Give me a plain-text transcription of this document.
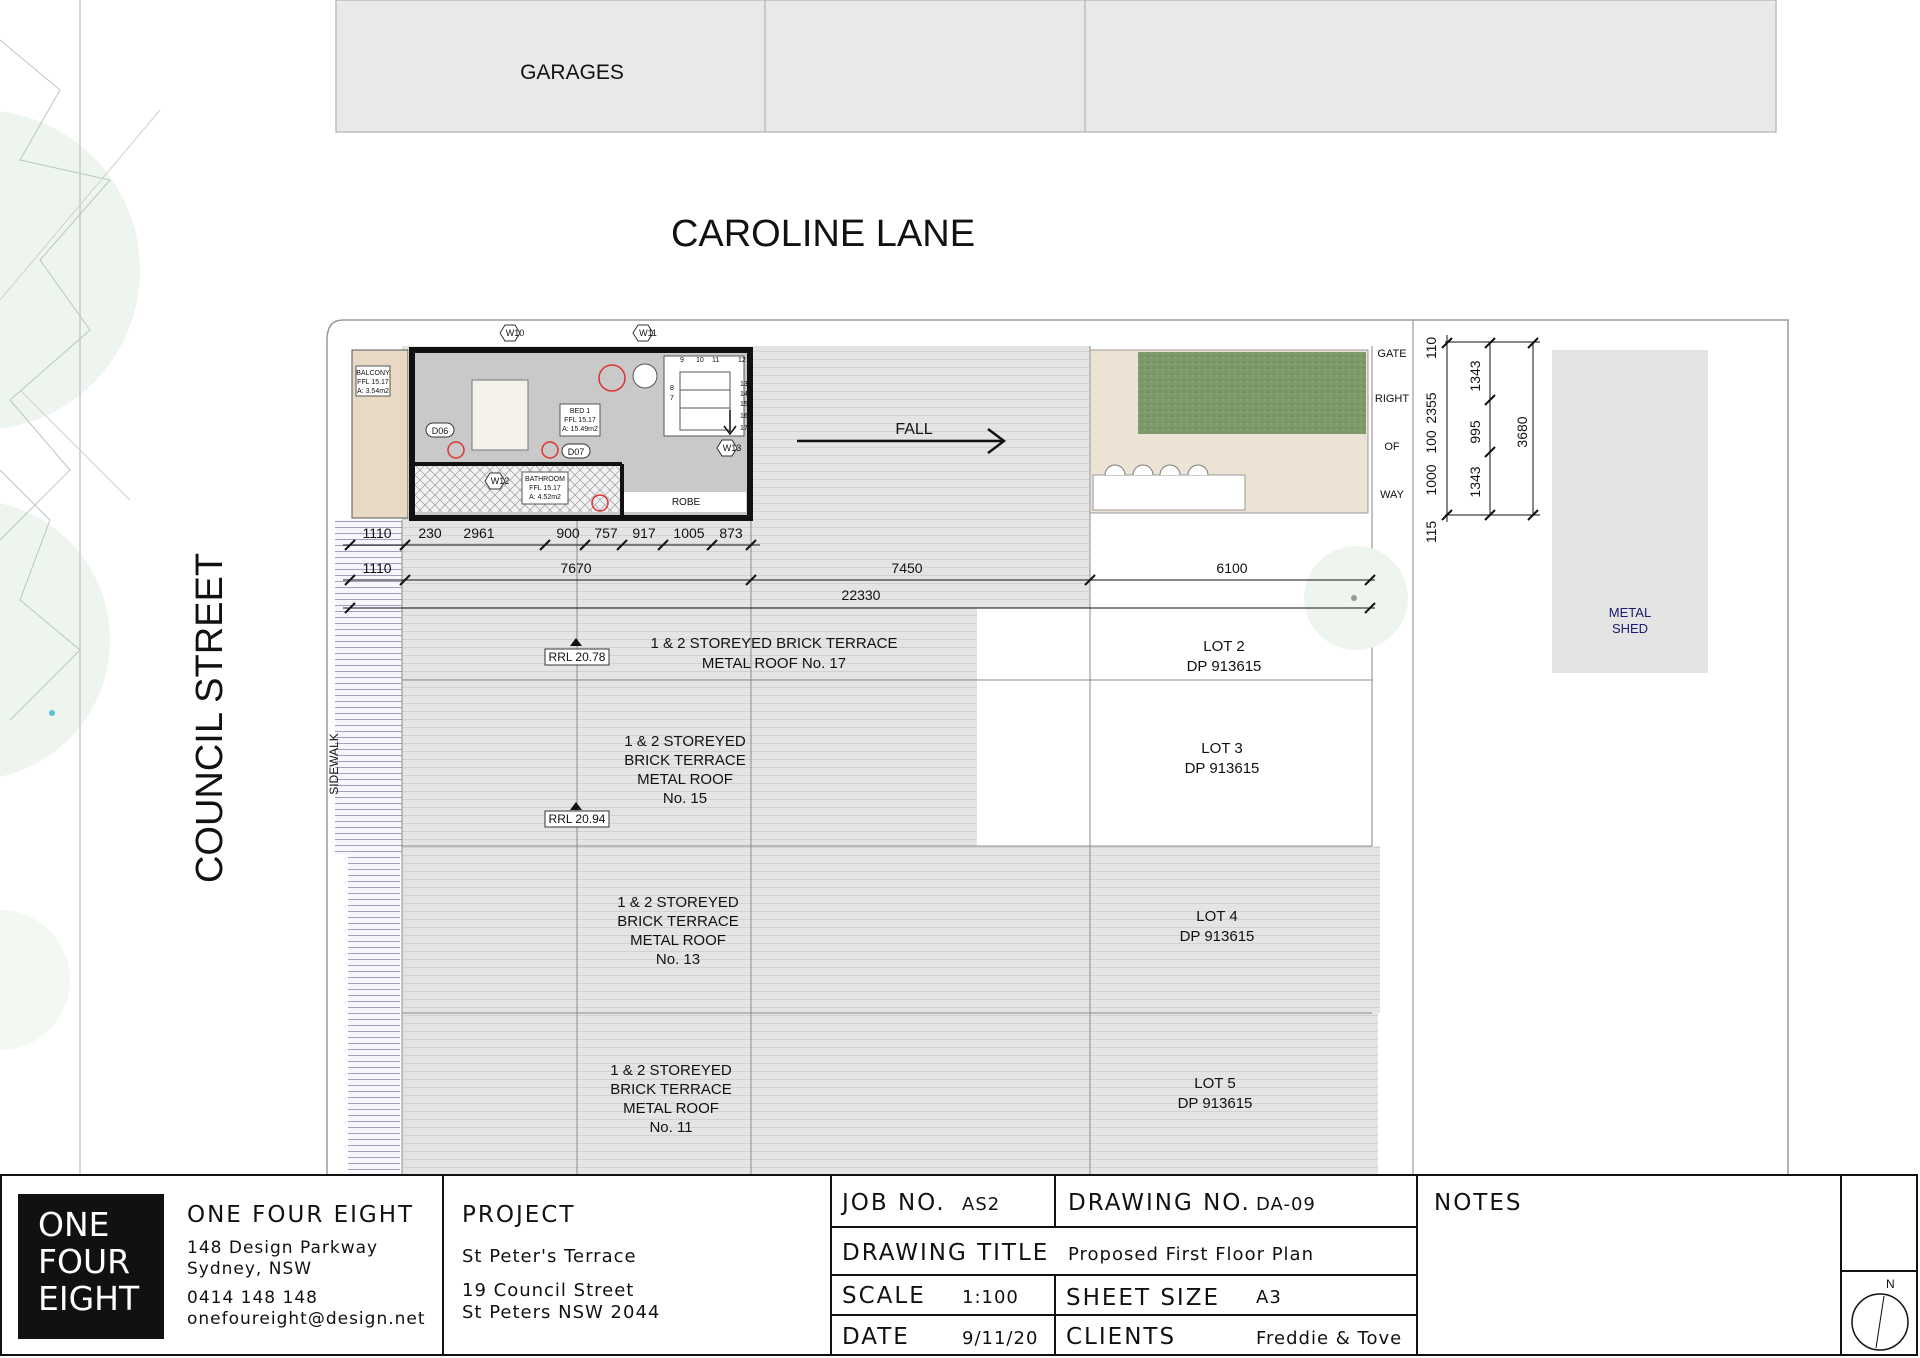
GARAGES
CAROLINE LANE
COUNCIL STREET	SIDEWALK
GATE
RIGHT
OF
WAY
METAL
SHED
9 10 11	12
13
14
15
16
17
8
7
BALCONY
FFL 15.17
A: 3.54m2
BED 1
FFL 15.17
A: 15.49m2
BATHROOM
FFL 15.17
A: 4.52m2	ROBE
W10	W11
D06
D07
W12
W13
FALL
1110 230 2961	900 757 917 1005 873
1110	7670	7450	6100
22330
110
2355
100
1000
115
1343
995
1343
3680
RRL 20.78
RRL 20.94
1 & 2 STOREYED BRICK TERRACE
METAL ROOF No. 17
1 & 2 STOREYED
BRICK TERRACE
METAL ROOF
No. 15
1 & 2 STOREYED
BRICK TERRACE
METAL ROOF
No. 13
1 & 2 STOREYED
BRICK TERRACE
METAL ROOF
No. 11
LOT 2
DP 913615
LOT 3
DP 913615
LOT 4
DP 913615
LOT 5
DP 913615
ONE
FOUR
EIGHT
ONE FOUR EIGHT
148 Design Parkway
Sydney, NSW
0414 148 148
onefoureight@design.net
PROJECT
St Peter's Terrace
19 Council Street
St Peters NSW 2044
JOB NO. AS2	DRAWING NO. DA-09
DRAWING TITLE Proposed First Floor Plan
SCALE 1:100 SHEET SIZE A3
DATE	9/11/20 CLIENTS	Freddie & Tove
NOTES
N
